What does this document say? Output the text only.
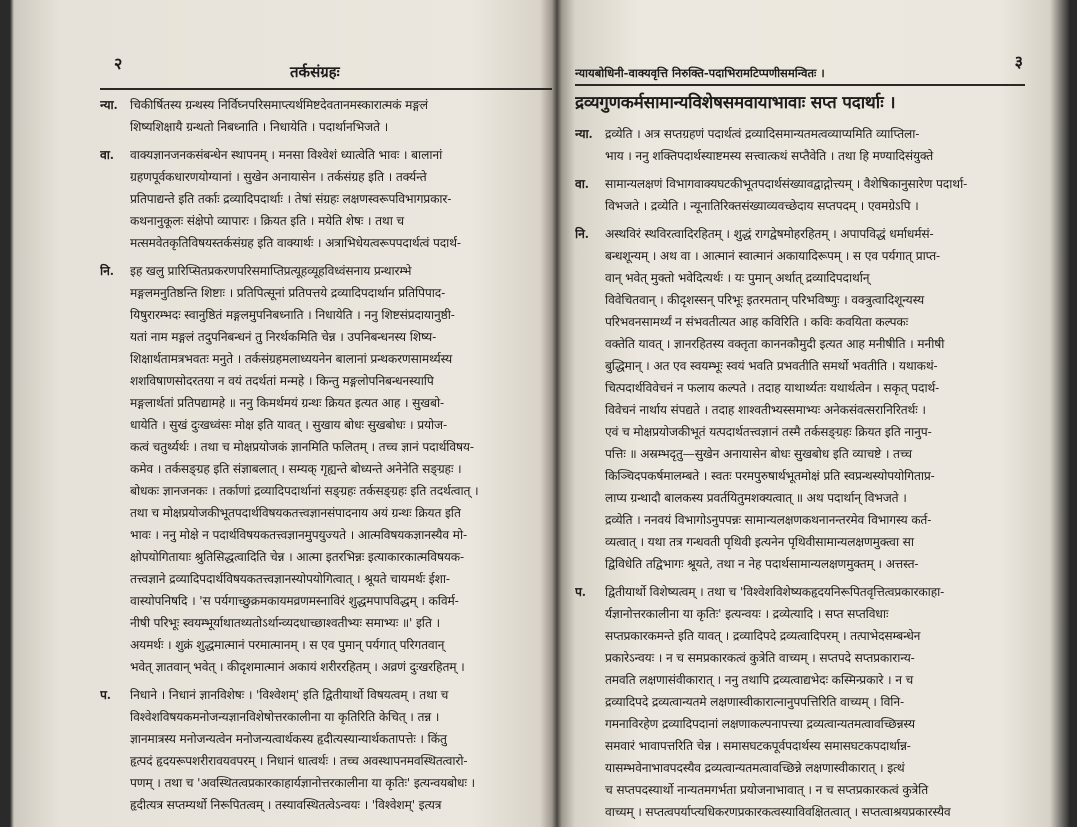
२	तर्कसंग्रहः
न्या. चिकीर्षितस्य ग्रन्थस्य निर्विघ्नपरिसमाप्त्यर्थमिष्टदेवतानमस्कारात्मकं मङ्गलं
शिष्यशिक्षायै ग्रन्थतो निबध्नाति । निधायेति । पदार्थानभिजते ।
वा. वाक्यज्ञानजनकसंबन्धेन स्थापनम् । मनसा विश्वेशं ध्यात्वेति भावः । बालानां
ग्रहणपूर्वकधारणयोग्यानां । सुखेन अनायासेन । तर्कसंग्रह इति । तर्क्यन्ते
प्रतिपाद्यन्ते इति तर्काः द्रव्यादिपदार्थाः । तेषां संग्रहः लक्षणस्वरूपविभागप्रकार-
कथनानुकूलः संक्षेपो व्यापारः । क्रियत इति । मयेति शेषः । तथा च
मत्समवेतकृतिविषयस्तर्कसंग्रह इति वाक्यार्थः । अत्राभिधेयत्वरूपपदार्थत्वं पदार्थ-
नि. इह खलु प्रारिप्सितप्रकरणपरिसमाप्तिप्रत्यूहव्यूहविध्वंसनाय प्रन्थारम्भे
मङ्गलमनुतिष्ठन्ति शिष्टाः । प्रतिपित्सूनां प्रतिपत्तये द्रव्यादिपदार्थान प्रतिपिपाद-
यिषुरारम्भदः स्वानुष्ठितं मङ्गलमुपनिबध्नाति । निधायेति । ननु शिष्टसंप्रदायानुष्ठी-
यतां नाम मङ्गलं तदुपनिबन्धनं तु निरर्थकमिति चेन्न । उपनिबन्धनस्य शिष्य-
शिक्षार्थतामत्रभवतः मनुते । तर्कसंग्रहमलाध्ययनेन बालानां प्रन्थकरणसामर्थ्यस्य
शशविषाणसोदरतया न वयं तदर्थतां मन्महे । किन्तु मङ्गलोपनिबन्धनस्यापि
मङ्गलार्थतां प्रतिपद्यामहे ॥ ननु किमर्थमयं ग्रन्थः क्रियत इत्यत आह । सुखबो-
धायेति । सुखं दुःखध्वंसः मोक्ष इति यावत् । सुखाय बोधः सुखबोधः । प्रयोज-
कत्वं चतुर्थ्यर्थः । तथा च मोक्षप्रयोजकं ज्ञानमिति फलितम् । तच्च ज्ञानं पदार्थविषय-
कमेव । तर्कसङ्ग्रह इति संज्ञाबलात् । सम्यक् गृह्यन्ते बोध्यन्ते अनेनेति सङ्ग्रहः ।
बोधकः ज्ञानजनकः । तर्काणां द्रव्यादिपदार्थानां सङ्ग्रहः तर्कसङ्ग्रहः इति तदर्थत्वात् ।
तथा च मोक्षप्रयोजकीभूतपदार्थविषयकतत्त्वज्ञानसंपादनाय अयं ग्रन्थः क्रियत इति
भावः । ननु मोक्षे न पदार्थविषयकतत्त्वज्ञानमुपयुज्यते । आत्मविषयकज्ञानस्यैव मो-
क्षोपयोगितायाः श्रुतिसिद्धत्वादिति चेन्न । आत्मा इतरभिन्नः इत्याकारकात्मविषयक-
तत्त्वज्ञाने द्रव्यादिपदार्थविषयकतत्त्वज्ञानस्योपयोगित्वात् । श्रूयते चायमर्थः ईशा-
वास्योपनिषदि । 'स पर्यगाच्छुक्रमकायमव्रणमस्नाविरं शुद्धमपापविद्धम् । कविर्म-
नीषी परिभूः स्वयम्भूर्याथातथ्यतोऽर्थान्व्यदधाच्छाश्वतीभ्यः समाभ्यः ॥' इति ।
अयमर्थः । शुक्रं शुद्धमात्मानं परमात्मानम् । स एव पुमान् पर्यगात् परिगतवान्
भवेत् ज्ञातवान् भवेत् । कीदृशमात्मानं अकायं शरीररहितम् । अव्रणं दुःखरहितम् ।
प. निधाने । निधानं ज्ञानविशेषः । 'विश्वेशम्' इति द्वितीयार्थो विषयत्वम् । तथा च
विश्वेशविषयकमनोजन्यज्ञानविशेषोत्तरकालीना या कृतिरिति केचित् । तन्न ।
ज्ञानमात्रस्य मनोजन्यत्वेन मनोजन्यत्वार्थकस्य हृदीत्यस्यान्यार्थकतापत्तेः । किंतु
हृत्पदं हृदयरूपशरीरावयवपरम् । निधानं धात्वर्थः । तच्च अवस्थापनमवस्थितत्वारो-
पणम् । तथा च 'अवस्थितत्वप्रकारकाहार्यज्ञानोत्तरकालीना या कृतिः' इत्यन्वयबोधः ।
हृदीत्यत्र सप्तम्यर्थो निरूपितत्वम् । तस्यावस्थितत्वेऽन्वयः । 'विश्वेशम्' इत्यत्र
न्यायबोधिनी-वाक्यवृत्ति निरुक्ति-पदाभिरामटिप्पणीसमन्वितः ।
३
द्रव्यगुणकर्मसामान्यविशेषसमवायाभावाः सप्त पदार्थाः ।
न्या. द्रव्येति । अत्र सप्तग्रहणं पदार्थत्वं द्रव्यादिसमान्यतमत्वव्याप्यमिति व्याप्तिला-
भाय । ननु शक्तिपदार्थस्याष्टमस्य सत्त्वात्कथं सप्तैवेति । तथा हि मण्यादिसंयुक्ते
वा. सामान्यलक्षणं विभागवाक्यघटकीभूतपदार्थसंख्यावद्वाद्गोत्त्यम् । वैशेषिकानुसारेण पदार्था-
विभजते । द्रव्येति । न्यूनातिरिक्तसंख्याव्यवच्छेदाय सप्तपदम् । एवमग्रेऽपि ।
नि. अस्थविरं स्थविरत्वादिरहितम् । शुद्धं रागद्वेषमोहरहितम् । अपापविद्धं धर्माधर्मसं-
बन्धशून्यम् । अथ वा । आत्मानं स्वात्मानं अकायादिरूपम् । स एव पर्यगात् प्राप्त-
वान् भवेत् मुक्तो भवेदित्यर्थः । यः पुमान् अर्थात् द्रव्यादिपदार्थान्
विवेचितवान् । कीदृशस्सन् परिभूः इतरमतान् परिभविष्णुः । वक्त्रुत्वादिशून्यस्य
परिभवनसामर्थ्यं न संभवतीत्यत आह कविरिति । कविः कवयिता कल्पकः
वक्तेति यावत् । ज्ञानरहितस्य वक्तृता काननकौमुदी इत्यत आह मनीषीति । मनीषी
बुद्धिमान् । अत एव स्वयम्भूः स्वयं भवति प्रभवतीति समर्थो भवतीति । यथाकथं-
चित्पदार्थविवेचनं न फलाय कल्पते । तदाह याथार्थ्यतः यथार्थत्वेन । सकृत् पदार्थ-
विवेचनं नार्थाय संपद्यते । तदाह शाश्वतीभ्यस्समाभ्यः अनेकसंवत्सरानिरितर्थः ।
एवं च मोक्षप्रयोजकीभूतं यत्पदार्थतत्त्वज्ञानं तस्मै तर्कसङ्ग्रहः क्रियत इति नानुप-
पत्तिः ॥ अस्रम्भदृतु—सुखेन अनायासेन बोधः सुखबोध इति व्याचष्टे । तच्च
किञ्चिदपकर्षमालम्बते । स्वतः परमपुरुषार्थभूतमोक्षं प्रति स्वप्रन्थस्योपयोगिताप्र-
लाप्य ग्रन्थादौ बालकस्य प्रवर्तयितुमशक्यत्वात् ॥ अथ पदार्थान् विभजते ।
द्रव्येति । ननवयं विभागोऽनुपपन्नः सामान्यलक्षणकथनानन्तरमेव विभागस्य कर्त-
व्यत्वात् । यथा तत्र गन्धवती पृथिवी इत्यनेन पृथिवीसामान्यलक्षणमुक्त्वा सा
द्विविधेति तद्विभागः श्रूयते, तथा न नेह पदार्थसामान्यलक्षणमुक्तम् । अत्तस्त-
प. द्वितीयार्थो विशेष्यत्वम् । तथा च 'विश्वेशविशेष्यकहृदयनिरूपितवृत्तित्वप्रकारकाहा-
र्यज्ञानोत्तरकालीना या कृतिः' इत्यन्वयः । द्रव्येत्यादि । सप्त सप्तविधाः
सप्तप्रकारकमन्ते इति यावत् । द्रव्यादिपदे द्रव्यत्वादिपरम् । तत्पाभेदसम्बन्धेन
प्रकारेऽन्वयः । न च समप्रकारकत्वं कुत्रेति वाच्यम् । सप्तपदे सप्तप्रकारान्य-
तमवति लक्षणासंवीकारात् । ननु तथापि द्रव्यत्वाद्यभेदः कस्मिन्प्रकारे । न च
द्रव्यादिपदे द्रव्यत्वान्यतमे लक्षणास्वीकारात्नानुपपत्तिरिति वाच्यम् । विनि-
गमनाविरहेण द्रव्यादिपदानां लक्षणाकल्पनापत्त्या द्रव्यत्वान्यतमत्वावच्छिन्नस्य
समवारं भावापत्तरिति चेन्न । समासघटकपूर्वपदार्थस्य समासघटकपदार्थान्न-
यासम्भवेनाभावपदस्यैव द्रव्यत्वान्यतमत्वावच्छिन्ने लक्षणास्वीकारात् । इत्थं
च सप्तपदस्यार्थो नान्यतमगर्भता प्रयोजनाभावात् । न च सप्तप्रकारकत्वं कुत्रेति
वाच्यम् । सप्तत्वपर्याप्त्यधिकरणप्रकारकत्वस्याविवक्षितत्वात् । सप्तत्वाश्रयप्रकारस्यैव
